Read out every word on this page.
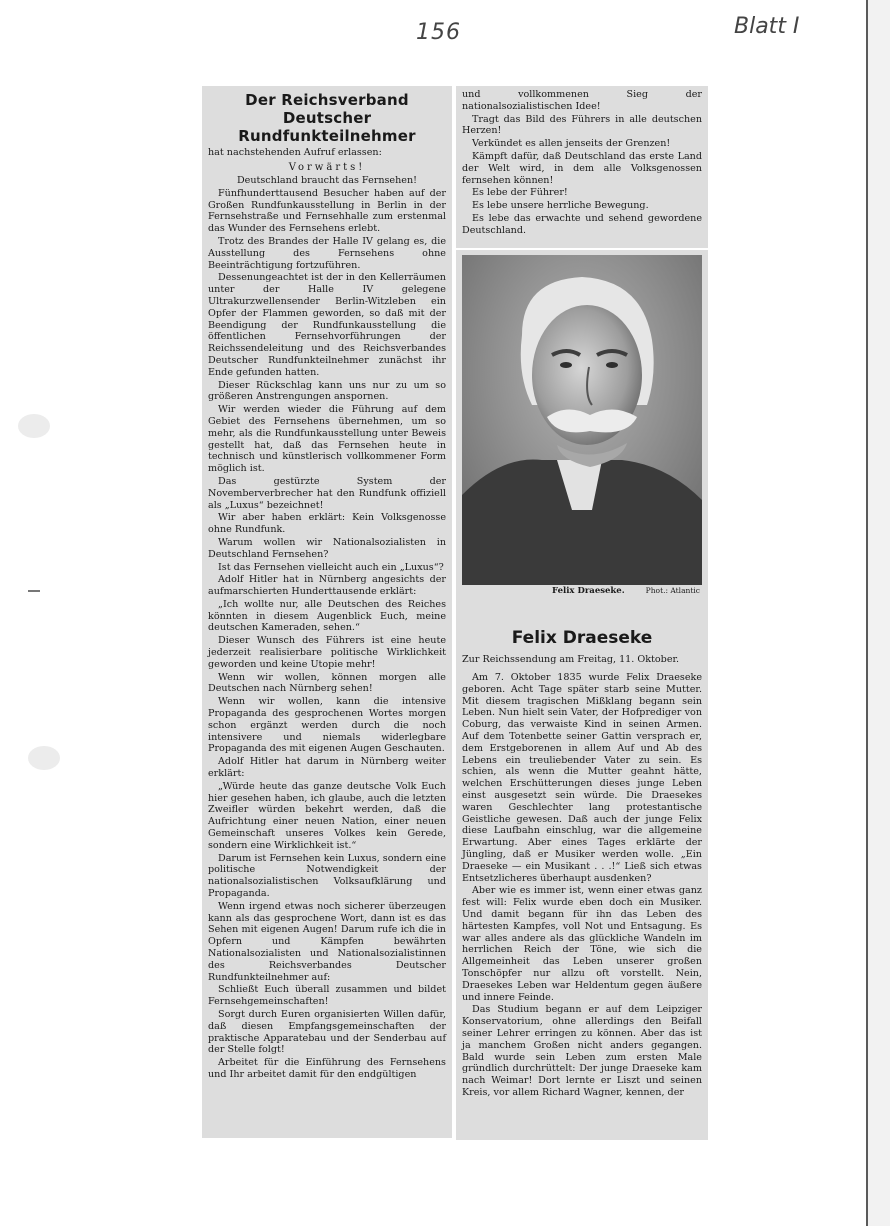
156	Blatt I
Der Reichsverband
Deutscher Rundfunkteilnehmer
hat nachstehenden Aufruf erlassen:
Vorwärts!

Deutschland braucht das Fernsehen!

Fünfhunderttausend Besucher haben auf der Großen Rundfunkausstellung in Berlin in der Fernsehstraße und Fernsehhalle zum erstenmal das Wunder des Fernsehens erlebt.

Trotz des Brandes der Halle IV gelang es, die Ausstellung des Fernsehens ohne Beeinträchtigung fortzuführen.

Dessenungeachtet ist der in den Kellerräumen unter der Halle IV gelegene Ultrakurzwellensender Berlin-Witzleben ein Opfer der Flammen geworden, so daß mit der Beendigung der Rundfunkausstellung die öffentlichen Fernsehvorführungen der Reichssendeleitung und des Reichsverbandes Deutscher Rundfunkteilnehmer zunächst ihr Ende gefunden hatten.

Dieser Rückschlag kann uns nur zu um so größeren Anstrengungen anspornen.

Wir werden wieder die Führung auf dem Gebiet des Fernsehens übernehmen, um so mehr, als die Rundfunkausstellung unter Beweis gestellt hat, daß das Fernsehen heute in technisch und künstlerisch vollkommener Form möglich ist.

Das gestürzte System der Novemberverbrecher hat den Rundfunk offiziell als „Luxus“ bezeichnet!

Wir aber haben erklärt: Kein Volksgenosse ohne Rundfunk.

Warum wollen wir Nationalsozialisten in Deutschland Fernsehen?

Ist das Fernsehen vielleicht auch ein „Luxus“?

Adolf Hitler hat in Nürnberg angesichts der aufmarschierten Hunderttausende erklärt:

„Ich wollte nur, alle Deutschen des Reiches könnten in diesem Augenblick Euch, meine deutschen Kameraden, sehen.“

Dieser Wunsch des Führers ist eine heute jederzeit realisierbare politische Wirklichkeit geworden und keine Utopie mehr!

Wenn wir wollen, können morgen alle Deutschen nach Nürnberg sehen!

Wenn wir wollen, kann die intensive Propaganda des gesprochenen Wortes morgen schon ergänzt werden durch die noch intensivere und niemals widerlegbare Propaganda des mit eigenen Augen Geschauten.

Adolf Hitler hat darum in Nürnberg weiter erklärt:

„Würde heute das ganze deutsche Volk Euch hier gesehen haben, ich glaube, auch die letzten Zweifler würden bekehrt werden, daß die Aufrichtung einer neuen Nation, einer neuen Gemeinschaft unseres Volkes kein Gerede, sondern eine Wirklichkeit ist.“

Darum ist Fernsehen kein Luxus, sondern eine politische Notwendigkeit der nationalsozialistischen Volksaufklärung und Propaganda.

Wenn irgend etwas noch sicherer überzeugen kann als das gesprochene Wort, dann ist es das Sehen mit eigenen Augen! Darum rufe ich die in Opfern und Kämpfen bewährten Nationalsozialisten und Nationalsozialistinnen des Reichsverbandes Deutscher Rundfunkteilnehmer auf:

Schließt Euch überall zusammen und bildet Fernsehgemeinschaften!

Sorgt durch Euren organisierten Willen dafür, daß diesen Empfangsgemeinschaften der praktische Apparatebau und der Senderbau auf der Stelle folgt!

Arbeitet für die Einführung des Fernsehens und Ihr arbeitet damit für den endgültigen

und vollkommenen Sieg der nationalsozialistischen Idee!

Tragt das Bild des Führers in alle deutschen Herzen!

Verkündet es allen jenseits der Grenzen!

Kämpft dafür, daß Deutschland das erste Land der Welt wird, in dem alle Volksgenossen fernsehen können!

Es lebe der Führer!

Es lebe unsere herrliche Bewegung.

Es lebe das erwachte und sehend gewordene Deutschland.

Felix Draeseke.	Phot.: Atlantic
Felix Draeseke
Zur Reichssendung am Freitag, 11. Oktober.

Am 7. Oktober 1835 wurde Felix Draeseke geboren. Acht Tage später starb seine Mutter. Mit diesem tragischen Mißklang begann sein Leben. Nun hielt sein Vater, der Hofprediger von Coburg, das verwaiste Kind in seinen Armen. Auf dem Totenbette seiner Gattin versprach er, dem Erstgeborenen in allem Auf und Ab des Lebens ein treuliebender Vater zu sein. Es schien, als wenn die Mutter geahnt hätte, welchen Erschütterungen dieses junge Leben einst ausgesetzt sein würde. Die Draesekes waren Geschlechter lang protestantische Geistliche gewesen. Daß auch der junge Felix diese Laufbahn einschlug, war die allgemeine Erwartung. Aber eines Tages erklärte der Jüngling, daß er Musiker werden wolle. „Ein Draeseke — ein Musikant . . .!“ Ließ sich etwas Entsetzlicheres überhaupt ausdenken?

Aber wie es immer ist, wenn einer etwas ganz fest will: Felix wurde eben doch ein Musiker. Und damit begann für ihn das Leben des härtesten Kampfes, voll Not und Entsagung. Es war alles andere als das glückliche Wandeln im herrlichen Reich der Töne, wie sich die Allgemeinheit das Leben unserer großen Tonschöpfer nur allzu oft vorstellt. Nein, Draesekes Leben war Heldentum gegen äußere und innere Feinde.

Das Studium begann er auf dem Leipziger Konservatorium, ohne allerdings den Beifall seiner Lehrer erringen zu können. Aber das ist ja manchem Großen nicht anders gegangen. Bald wurde sein Leben zum ersten Male gründlich durchrüttelt: Der junge Draeseke kam nach Weimar! Dort lernte er Liszt und seinen Kreis, vor allem Richard Wagner, kennen, der
